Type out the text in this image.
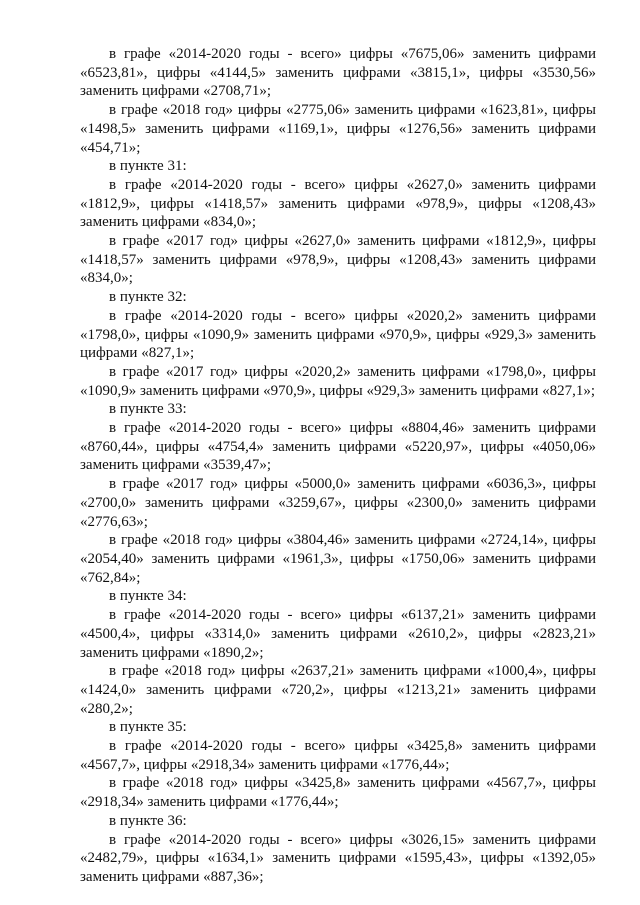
в графе «2014-2020 годы - всего» цифры «7675,06» заменить цифрами «6523,81», цифры «4144,5» заменить цифрами «3815,1», цифры «3530,56» заменить цифрами «2708,71»;

в графе «2018 год» цифры «2775,06» заменить цифрами «1623,81», цифры «1498,5» заменить цифрами «1169,1», цифры «1276,56» заменить цифрами «454,71»;

в пункте 31:

в графе «2014-2020 годы - всего» цифры «2627,0» заменить цифрами «1812,9», цифры «1418,57» заменить цифрами «978,9», цифры «1208,43» заменить цифрами «834,0»;

в графе «2017 год» цифры «2627,0» заменить цифрами «1812,9», цифры «1418,57» заменить цифрами «978,9», цифры «1208,43» заменить цифрами «834,0»;

в пункте 32:

в графе «2014-2020 годы - всего» цифры «2020,2» заменить цифрами «1798,0», цифры «1090,9» заменить цифрами «970,9», цифры «929,3» заменить цифрами «827,1»;

в графе «2017 год» цифры «2020,2» заменить цифрами «1798,0», цифры «1090,9» заменить цифрами «970,9», цифры «929,3» заменить цифрами «827,1»;

в пункте 33:

в графе «2014-2020 годы - всего» цифры «8804,46» заменить цифрами «8760,44», цифры «4754,4» заменить цифрами «5220,97», цифры «4050,06» заменить цифрами «3539,47»;

в графе «2017 год» цифры «5000,0» заменить цифрами «6036,3», цифры «2700,0» заменить цифрами «3259,67», цифры «2300,0» заменить цифрами «2776,63»;

в графе «2018 год» цифры «3804,46» заменить цифрами «2724,14», цифры «2054,40» заменить цифрами «1961,3», цифры «1750,06» заменить цифрами «762,84»;

в пункте 34:

в графе «2014-2020 годы - всего» цифры «6137,21» заменить цифрами «4500,4», цифры «3314,0» заменить цифрами «2610,2», цифры «2823,21» заменить цифрами «1890,2»;

в графе «2018 год» цифры «2637,21» заменить цифрами «1000,4», цифры «1424,0» заменить цифрами «720,2», цифры «1213,21» заменить цифрами «280,2»;

в пункте 35:

в графе «2014-2020 годы - всего» цифры «3425,8» заменить цифрами «4567,7», цифры «2918,34» заменить цифрами «1776,44»;

в графе «2018 год» цифры «3425,8» заменить цифрами «4567,7», цифры «2918,34» заменить цифрами «1776,44»;

в пункте 36:

в графе «2014-2020 годы - всего» цифры «3026,15» заменить цифрами «2482,79», цифры «1634,1» заменить цифрами «1595,43», цифры «1392,05» заменить цифрами «887,36»;
